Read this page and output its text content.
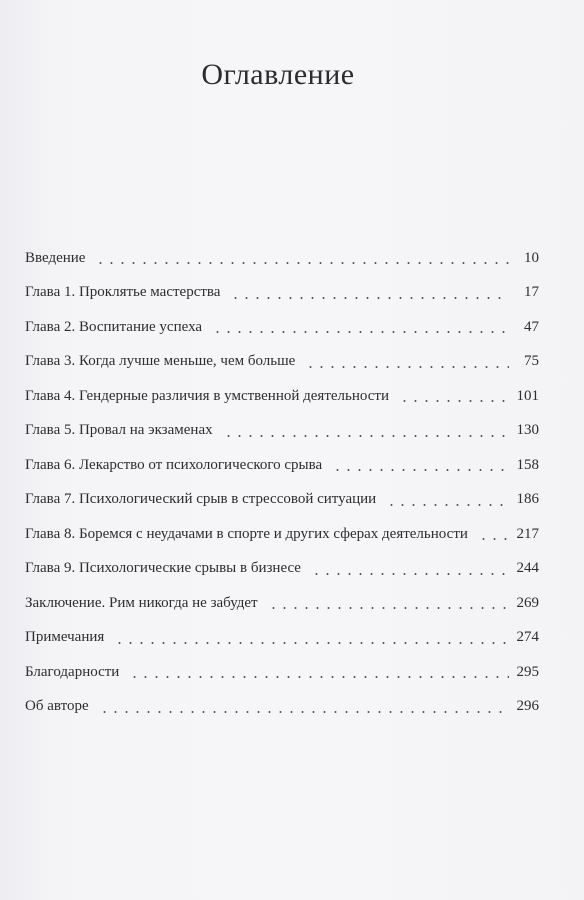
Оглавление
Введение	10
Глава 1. Проклятье мастерства	17
Глава 2. Воспитание успеха	47
Глава 3. Когда лучше меньше, чем больше	75
Глава 4. Гендерные различия в умственной деятельности	101
Глава 5. Провал на экзаменах	130
Глава 6. Лекарство от психологического срыва	158
Глава 7. Психологический срыв в стрессовой ситуации	186
Глава 8. Боремся с неудачами в спорте и других сферах деятельности	217
Глава 9. Психологические срывы в бизнесе	244
Заключение. Рим никогда не забудет	269
Примечания	274
Благодарности	295
Об авторе	296
